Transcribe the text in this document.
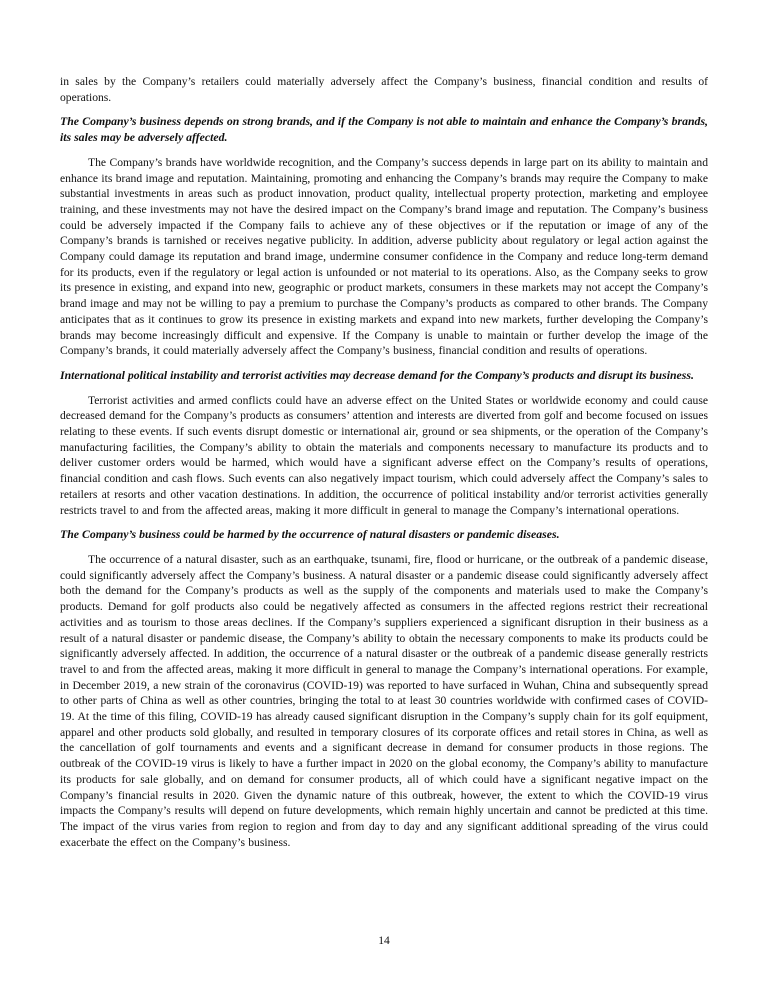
in sales by the Company’s retailers could materially adversely affect the Company’s business, financial condition and results of operations.

The Company’s business depends on strong brands, and if the Company is not able to maintain and enhance the Company’s brands, its sales may be adversely affected.

The Company’s brands have worldwide recognition, and the Company’s success depends in large part on its ability to maintain and enhance its brand image and reputation. Maintaining, promoting and enhancing the Company’s brands may require the Company to make substantial investments in areas such as product innovation, product quality, intellectual property protection, marketing and employee training, and these investments may not have the desired impact on the Company’s brand image and reputation. The Company’s business could be adversely impacted if the Company fails to achieve any of these objectives or if the reputation or image of any of the Company’s brands is tarnished or receives negative publicity. In addition, adverse publicity about regulatory or legal action against the Company could damage its reputation and brand image, undermine consumer confidence in the Company and reduce long-term demand for its products, even if the regulatory or legal action is unfounded or not material to its operations. Also, as the Company seeks to grow its presence in existing, and expand into new, geographic or product markets, consumers in these markets may not accept the Company’s brand image and may not be willing to pay a premium to purchase the Company’s products as compared to other brands. The Company anticipates that as it continues to grow its presence in existing markets and expand into new markets, further developing the Company’s brands may become increasingly difficult and expensive. If the Company is unable to maintain or further develop the image of the Company’s brands, it could materially adversely affect the Company’s business, financial condition and results of operations.

International political instability and terrorist activities may decrease demand for the Company’s products and disrupt its business.

Terrorist activities and armed conflicts could have an adverse effect on the United States or worldwide economy and could cause decreased demand for the Company’s products as consumers’ attention and interests are diverted from golf and become focused on issues relating to these events. If such events disrupt domestic or international air, ground or sea shipments, or the operation of the Company’s manufacturing facilities, the Company’s ability to obtain the materials and components necessary to manufacture its products and to deliver customer orders would be harmed, which would have a significant adverse effect on the Company’s results of operations, financial condition and cash flows. Such events can also negatively impact tourism, which could adversely affect the Company’s sales to retailers at resorts and other vacation destinations. In addition, the occurrence of political instability and/or terrorist activities generally restricts travel to and from the affected areas, making it more difficult in general to manage the Company’s international operations.

The Company’s business could be harmed by the occurrence of natural disasters or pandemic diseases.

The occurrence of a natural disaster, such as an earthquake, tsunami, fire, flood or hurricane, or the outbreak of a pandemic disease, could significantly adversely affect the Company’s business. A natural disaster or a pandemic disease could significantly adversely affect both the demand for the Company’s products as well as the supply of the components and materials used to make the Company’s products. Demand for golf products also could be negatively affected as consumers in the affected regions restrict their recreational activities and as tourism to those areas declines. If the Company’s suppliers experienced a significant disruption in their business as a result of a natural disaster or pandemic disease, the Company’s ability to obtain the necessary components to make its products could be significantly adversely affected. In addition, the occurrence of a natural disaster or the outbreak of a pandemic disease generally restricts travel to and from the affected areas, making it more difficult in general to manage the Company’s international operations. For example, in December 2019, a new strain of the coronavirus (COVID-19) was reported to have surfaced in Wuhan, China and subsequently spread to other parts of China as well as other countries, bringing the total to at least 30 countries worldwide with confirmed cases of COVID-19. At the time of this filing, COVID-19 has already caused significant disruption in the Company’s supply chain for its golf equipment, apparel and other products sold globally, and resulted in temporary closures of its corporate offices and retail stores in China, as well as the cancellation of golf tournaments and events and a significant decrease in demand for consumer products in those regions. The outbreak of the COVID-19 virus is likely to have a further impact in 2020 on the global economy, the Company’s ability to manufacture its products for sale globally, and on demand for consumer products, all of which could have a significant negative impact on the Company’s financial results in 2020. Given the dynamic nature of this outbreak, however, the extent to which the COVID-19 virus impacts the Company’s results will depend on future developments, which remain highly uncertain and cannot be predicted at this time. The impact of the virus varies from region to region and from day to day and any significant additional spreading of the virus could exacerbate the effect on the Company’s business.

14
